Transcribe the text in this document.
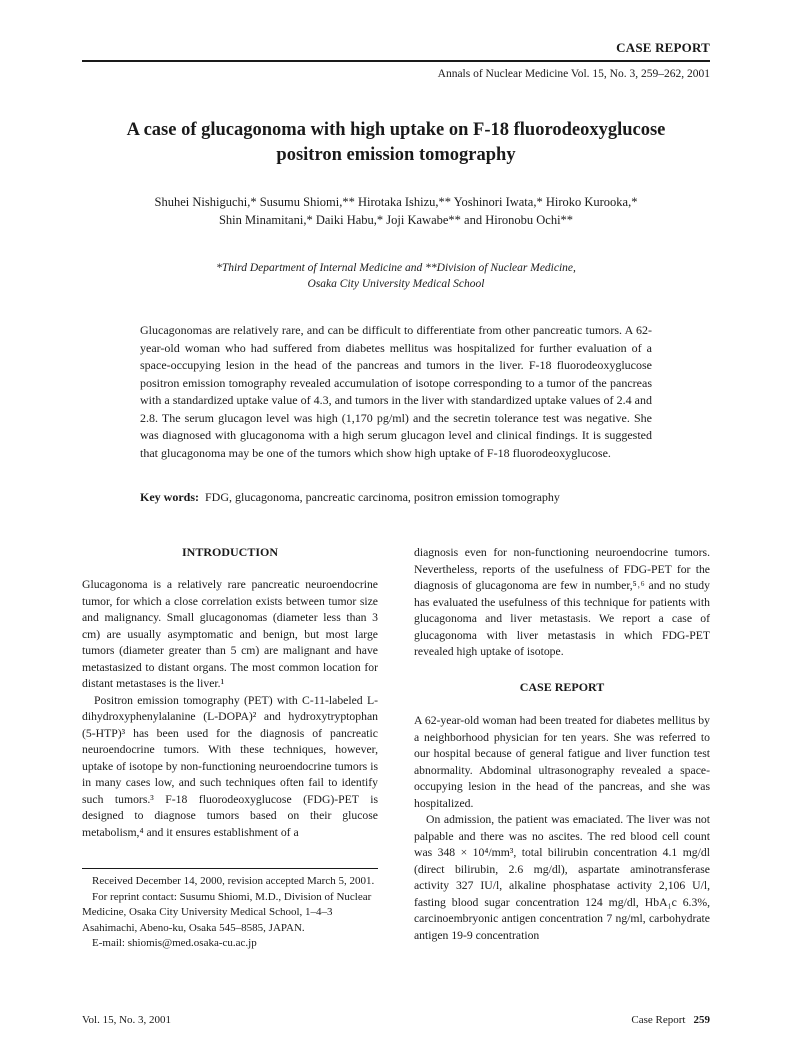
CASE REPORT
Annals of Nuclear Medicine Vol. 15, No. 3, 259–262, 2001
A case of glucagonoma with high uptake on F-18 fluorodeoxyglucose
positron emission tomography
Shuhei Nishiguchi,* Susumu Shiomi,** Hirotaka Ishizu,** Yoshinori Iwata,* Hiroko Kurooka,*
Shin Minamitani,* Daiki Habu,* Joji Kawabe** and Hironobu Ochi**
*Third Department of Internal Medicine and **Division of Nuclear Medicine,
Osaka City University Medical School
Glucagonomas are relatively rare, and can be difficult to differentiate from other pancreatic tumors. A 62-year-old woman who had suffered from diabetes mellitus was hospitalized for further evaluation of a space-occupying lesion in the head of the pancreas and tumors in the liver. F-18 fluorodeoxyglucose positron emission tomography revealed accumulation of isotope corresponding to a tumor of the pancreas with a standardized uptake value of 4.3, and tumors in the liver with standardized uptake values of 2.4 and 2.8. The serum glucagon level was high (1,170 pg/ml) and the secretin tolerance test was negative. She was diagnosed with glucagonoma with a high serum glucagon level and clinical findings. It is suggested that glucagonoma may be one of the tumors which show high uptake of F-18 fluorodeoxyglucose.
Key words: FDG, glucagonoma, pancreatic carcinoma, positron emission tomography
INTRODUCTION

Glucagonoma is a relatively rare pancreatic neuroendocrine tumor, for which a close correlation exists between tumor size and malignancy. Small glucagonomas (diameter less than 3 cm) are usually asymptomatic and benign, but most large tumors (diameter greater than 5 cm) are malignant and have metastasized to distant organs. The most common location for distant metastases is the liver.¹

Positron emission tomography (PET) with C-11-labeled L-dihydroxyphenylalanine (L-DOPA)² and hydroxytryptophan (5-HTP)³ has been used for the diagnosis of pancreatic neuroendocrine tumors. With these techniques, however, uptake of isotope by non-functioning neuroendocrine tumors is in many cases low, and such techniques often fail to identify such tumors.³ F-18 fluorodeoxyglucose (FDG)-PET is designed to diagnose tumors based on their glucose metabolism,⁴ and it ensures establishment of a

Received December 14, 2000, revision accepted March 5, 2001.

For reprint contact: Susumu Shiomi, M.D., Division of Nuclear Medicine, Osaka City University Medical School, 1–4–3 Asahimachi, Abeno-ku, Osaka 545–8585, JAPAN.

E-mail: shiomis@med.osaka-cu.ac.jp

diagnosis even for non-functioning neuroendocrine tumors. Nevertheless, reports of the usefulness of FDG-PET for the diagnosis of glucagonoma are few in number,⁵˒⁶ and no study has evaluated the usefulness of this technique for patients with glucagonoma and liver metastasis. We report a case of glucagonoma with liver metastasis in which FDG-PET revealed high uptake of isotope.

CASE REPORT

A 62-year-old woman had been treated for diabetes mellitus by a neighborhood physician for ten years. She was referred to our hospital because of general fatigue and liver function test abnormality. Abdominal ultrasonography revealed a space-occupying lesion in the head of the pancreas, and she was hospitalized.

On admission, the patient was emaciated. The liver was not palpable and there was no ascites. The red blood cell count was 348 × 10⁴/mm³, total bilirubin concentration 4.1 mg/dl (direct bilirubin, 2.6 mg/dl), aspartate aminotransferase activity 327 IU/l, alkaline phosphatase activity 2,106 U/l, fasting blood sugar concentration 124 mg/dl, HbA₁c 6.3%, carcinoembryonic antigen concentration 7 ng/ml, carbohydrate antigen 19-9 concentration

Vol. 15, No. 3, 2001	Case Report 259
